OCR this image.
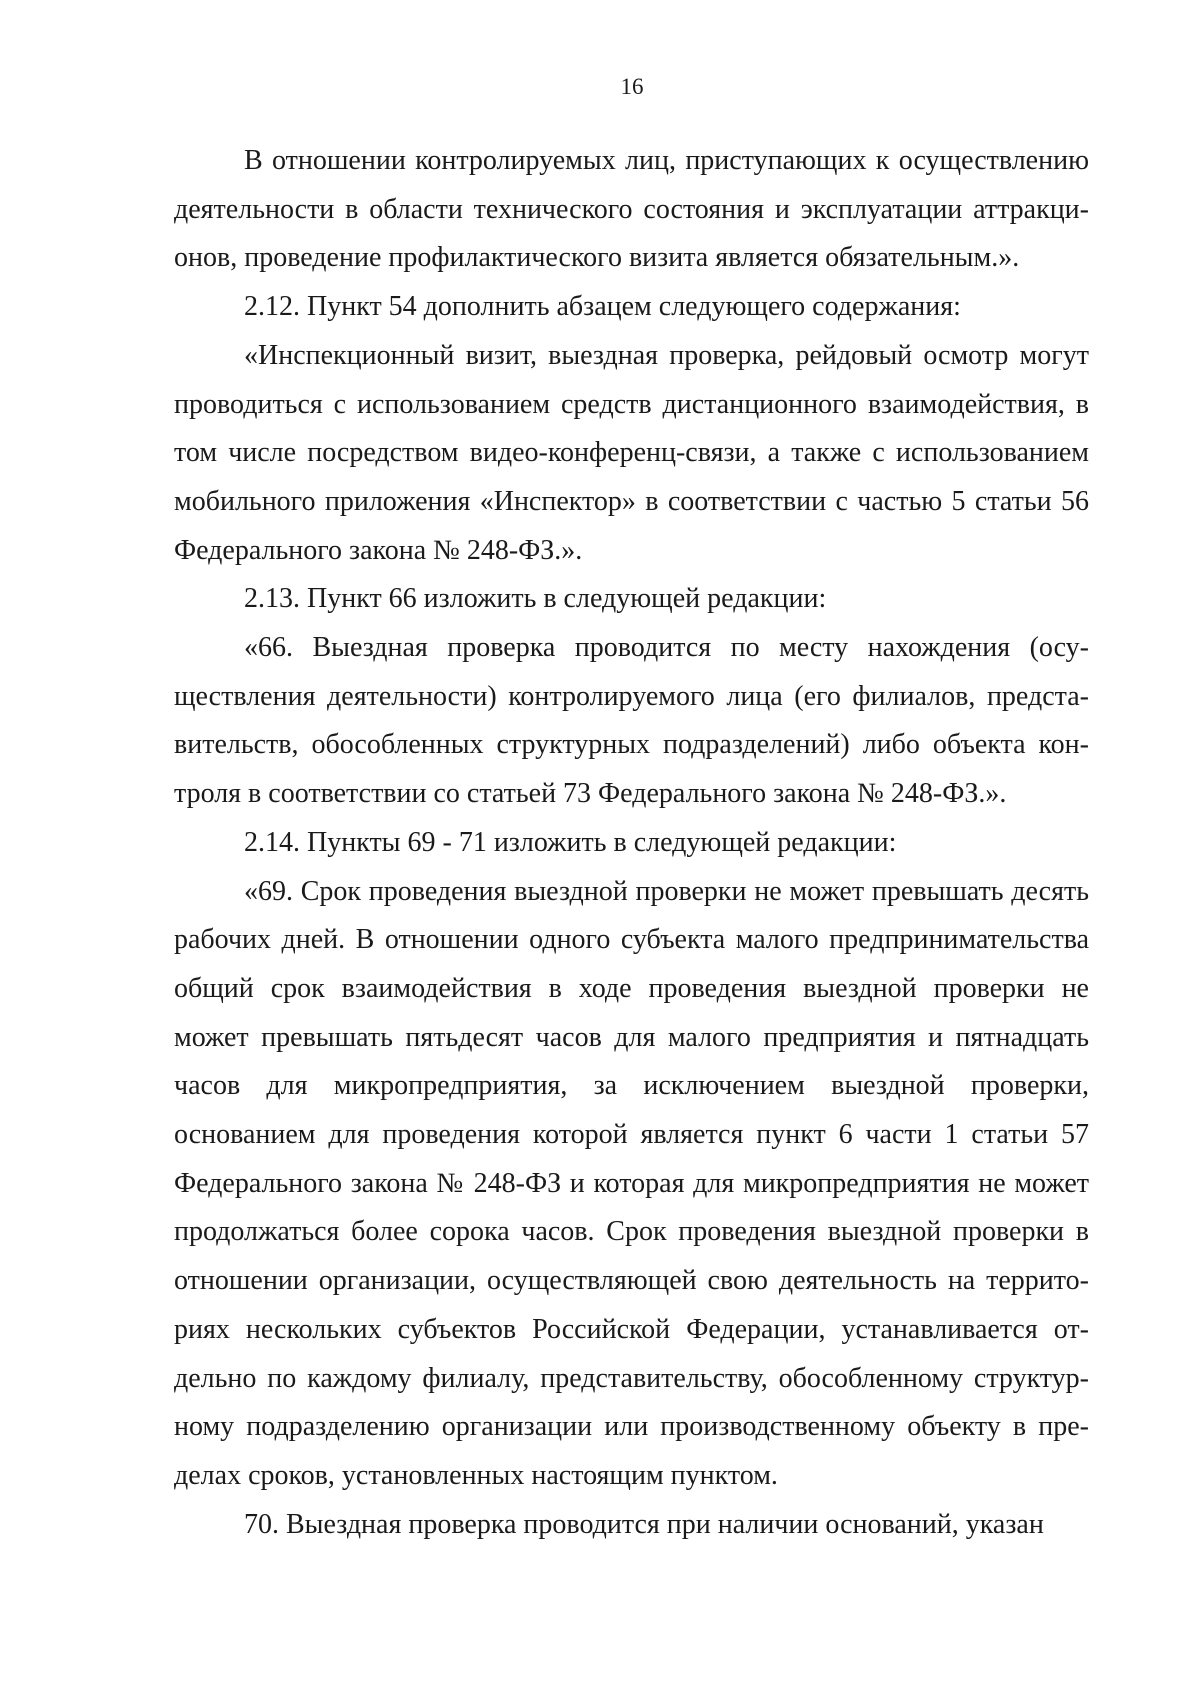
16

В отношении контролируемых лиц, приступающих к осуществлению деятельности в области технического состояния и эксплуатации аттракционов, проведение профилактического визита является обязательным.».

2.12. Пункт 54 дополнить абзацем следующего содержания:

«Инспекционный визит, выездная проверка, рейдовый осмотр могут проводиться с использованием средств дистанционного взаимодействия, в том числе посредством видео-конференц-связи, а также с использованием мобильного приложения «Инспектор» в соответствии с частью 5 статьи 56 Федерального закона № 248-ФЗ.».

2.13. Пункт 66 изложить в следующей редакции:

«66. Выездная проверка проводится по месту нахождения (осуществления деятельности) контролируемого лица (его филиалов, представительств, обособленных структурных подразделений) либо объекта контроля в соответствии со статьей 73 Федерального закона № 248-ФЗ.».

2.14. Пункты 69 - 71 изложить в следующей редакции:

«69. Срок проведения выездной проверки не может превышать десять рабочих дней. В отношении одного субъекта малого предпринимательства общий срок взаимодействия в ходе проведения выездной проверки не может превышать пятьдесят часов для малого предприятия и пятнадцать часов для микропредприятия, за исключением выездной проверки, основанием для проведения которой является пункт 6 части 1 статьи 57 Федерального закона № 248-ФЗ и которая для микропредприятия не может продолжаться более сорока часов. Срок проведения выездной проверки в отношении организации, осуществляющей свою деятельность на территориях нескольких субъектов Российской Федерации, устанавливается отдельно по каждому филиалу, представительству, обособленному структурному подразделению организации или производственному объекту в пределах сроков, установленных настоящим пунктом.

70. Выездная проверка проводится при наличии оснований, указан
